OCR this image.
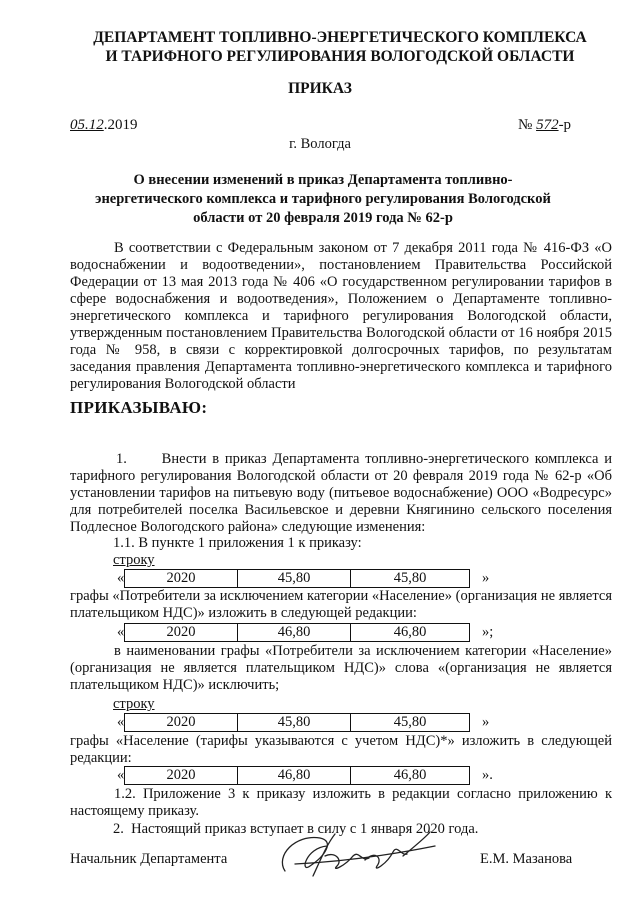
ДЕПАРТАМЕНТ ТОПЛИВНО-ЭНЕРГЕТИЧЕСКОГО КОМПЛЕКСА
И ТАРИФНОГО РЕГУЛИРОВАНИЯ ВОЛОГОДСКОЙ ОБЛАСТИ
ПРИКАЗ
05.12.2019	№ 572-р
г. Вологда
О внесении изменений в приказ Департамента топливно-энергетического комплекса и тарифного регулирования Вологодской области от 20 февраля 2019 года № 62-р
В соответствии с Федеральным законом от 7 декабря 2011 года № 416-ФЗ «О водоснабжении и водоотведении», постановлением Правительства Российской Федерации от 13 мая 2013 года № 406 «О государственном регулировании тарифов в сфере водоснабжения и водоотведения», Положением о Департаменте топливно-энергетического комплекса и тарифного регулирования Вологодской области, утвержденным постановлением Правительства Вологодской области от 16 ноября 2015 года № 958, в связи с корректировкой долгосрочных тарифов, по результатам заседания правления Департамента топливно-энергетического комплекса и тарифного регулирования Вологодской области
ПРИКАЗЫВАЮ:
1.      Внести в приказ Департамента топливно-энергетического комплекса и тарифного регулирования Вологодской области от 20 февраля 2019 года № 62-р «Об установлении тарифов на питьевую воду (питьевое водоснабжение) ООО «Водресурс» для потребителей поселка Васильевское и деревни Княгинино сельского поселения Подлесное Вологодского района» следующие изменения:
1.1. В пункте 1 приложения 1 к приказу:
строку
«	2020	45,80	45,80	»
графы «Потребители за исключением категории «Население» (организация не является плательщиком НДС)» изложить в следующей редакции:
«	2020	46,80	46,80	»;
в наименовании графы «Потребители за исключением категории «Население» (организация не является плательщиком НДС)» слова «(организация не является плательщиком НДС)» исключить;
строку
«	2020	45,80	45,80	»
графы «Население (тарифы указываются с учетом НДС)*» изложить в следующей редакции:
«	2020	46,80	46,80	».
1.2. Приложение 3 к приказу изложить в редакции согласно приложению к настоящему приказу.
2.  Настоящий приказ вступает в силу с 1 января 2020 года.
Начальник Департамента	Е.М. Мазанова
